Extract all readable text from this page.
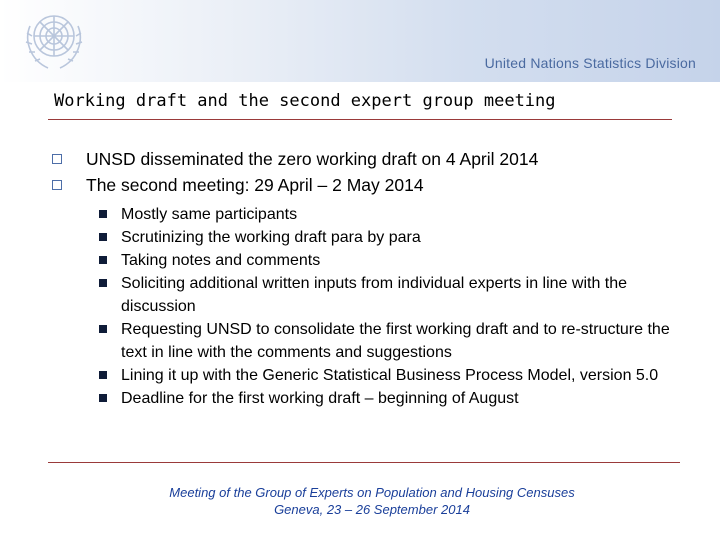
United Nations Statistics Division
Working draft and the second expert group meeting
UNSD disseminated the zero working draft on 4 April 2014
The second meeting: 29 April – 2 May 2014
Mostly same participants
Scrutinizing the working draft para by para
Taking notes and comments
Soliciting additional written inputs from individual experts in line with the discussion
Requesting UNSD to consolidate the first working draft and to re-structure the text in line with the comments and suggestions
Lining it up with the Generic Statistical Business Process Model, version 5.0
Deadline for the first working draft – beginning of August
Meeting of the Group of Experts on Population and Housing Censuses
Geneva, 23 – 26 September 2014
